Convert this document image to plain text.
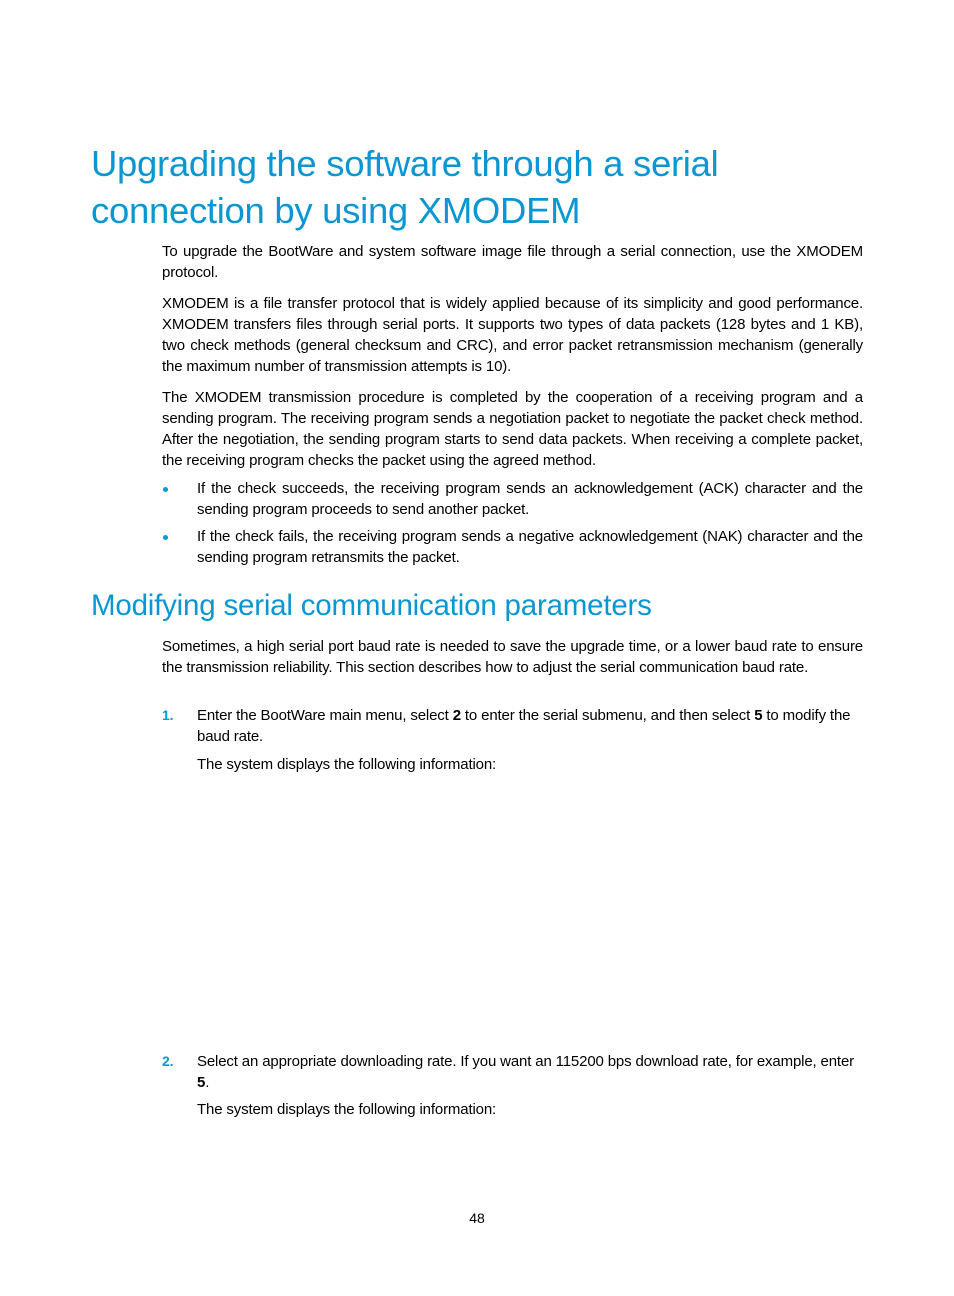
Upgrading the software through a serial connection by using XMODEM

To upgrade the BootWare and system software image file through a serial connection, use the XMODEM protocol.

XMODEM is a file transfer protocol that is widely applied because of its simplicity and good performance. XMODEM transfers files through serial ports. It supports two types of data packets (128 bytes and 1 KB), two check methods (general checksum and CRC), and error packet retransmission mechanism (generally the maximum number of transmission attempts is 10).

The XMODEM transmission procedure is completed by the cooperation of a receiving program and a sending program. The receiving program sends a negotiation packet to negotiate the packet check method. After the negotiation, the sending program starts to send data packets. When receiving a complete packet, the receiving program checks the packet using the agreed method.

If the check succeeds, the receiving program sends an acknowledgement (ACK) character and the sending program proceeds to send another packet.
If the check fails, the receiving program sends a negative acknowledgement (NAK) character and the sending program retransmits the packet.
Modifying serial communication parameters

Sometimes, a high serial port baud rate is needed to save the upgrade time, or a lower baud rate to ensure the transmission reliability. This section describes how to adjust the serial communication baud rate.

1. Enter the BootWare main menu, select 2 to enter the serial submenu, and then select 5 to modify the baud rate.

The system displays the following information:

2. Select an appropriate downloading rate. If you want an 115200 bps download rate, for example, enter 5.

The system displays the following information:

48
